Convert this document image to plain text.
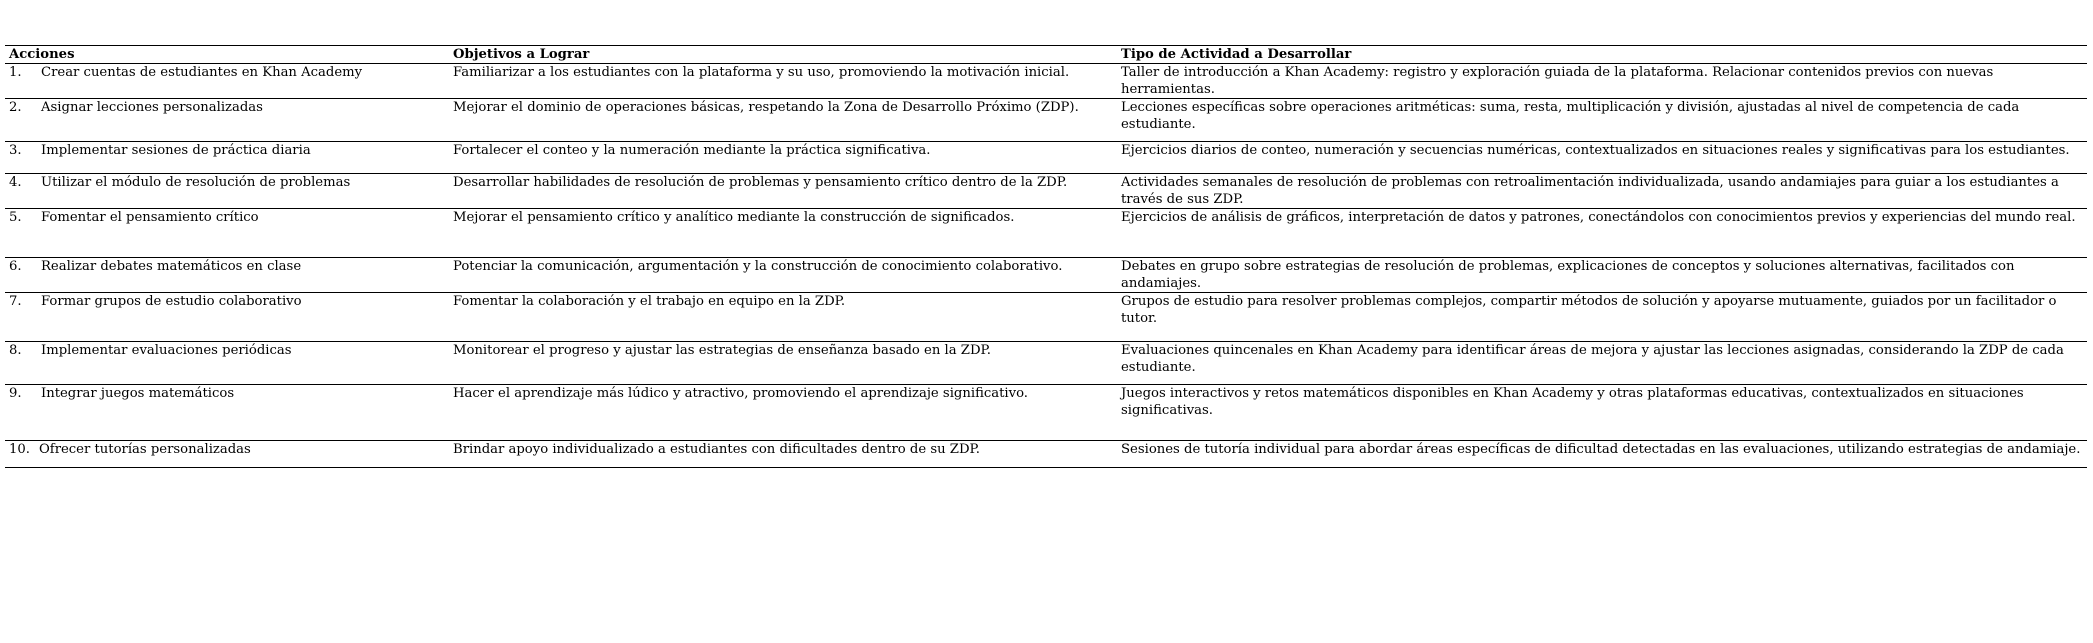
Acciones	Objetivos a Lograr	Tipo de Actividad a Desarrollar
1. Crear cuentas de estudiantes en Khan Academy	Familiarizar a los estudiantes con la plataforma y su uso, promoviendo la motivación inicial.	Taller de introducción a Khan Academy: registro y exploración guiada de la plataforma. Relacionar contenidos previos con nuevas herramientas.
2. Asignar lecciones personalizadas	Mejorar el dominio de operaciones básicas, respetando la Zona de Desarrollo Próximo (ZDP).	Lecciones específicas sobre operaciones aritméticas: suma, resta, multiplicación y división, ajustadas al nivel de competencia de cada estudiante.
3. Implementar sesiones de práctica diaria	Fortalecer el conteo y la numeración mediante la práctica significativa.	Ejercicios diarios de conteo, numeración y secuencias numéricas, contextualizados en situaciones reales y significativas para los estudiantes.
4. Utilizar el módulo de resolución de problemas	Desarrollar habilidades de resolución de problemas y pensamiento crítico dentro de la ZDP.	Actividades semanales de resolución de problemas con retroalimentación individualizada, usando andamiajes para guiar a los estudiantes a través de sus ZDP.
5. Fomentar el pensamiento crítico	Mejorar el pensamiento crítico y analítico mediante la construcción de significados.	Ejercicios de análisis de gráficos, interpretación de datos y patrones, conectándolos con conocimientos previos y experiencias del mundo real.
6. Realizar debates matemáticos en clase	Potenciar la comunicación, argumentación y la construcción de conocimiento colaborativo.	Debates en grupo sobre estrategias de resolución de problemas, explicaciones de conceptos y soluciones alternativas, facilitados con andamiajes.
7. Formar grupos de estudio colaborativo	Fomentar la colaboración y el trabajo en equipo en la ZDP.	Grupos de estudio para resolver problemas complejos, compartir métodos de solución y apoyarse mutuamente, guiados por un facilitador o tutor.
8. Implementar evaluaciones periódicas	Monitorear el progreso y ajustar las estrategias de enseñanza basado en la ZDP.	Evaluaciones quincenales en Khan Academy para identificar áreas de mejora y ajustar las lecciones asignadas, considerando la ZDP de cada estudiante.
9. Integrar juegos matemáticos	Hacer el aprendizaje más lúdico y atractivo, promoviendo el aprendizaje significativo.	Juegos interactivos y retos matemáticos disponibles en Khan Academy y otras plataformas educativas, contextualizados en situaciones significativas.
10. Ofrecer tutorías personalizadas	Brindar apoyo individualizado a estudiantes con dificultades dentro de su ZDP.	Sesiones de tutoría individual para abordar áreas específicas de dificultad detectadas en las evaluaciones, utilizando estrategias de andamiaje.
